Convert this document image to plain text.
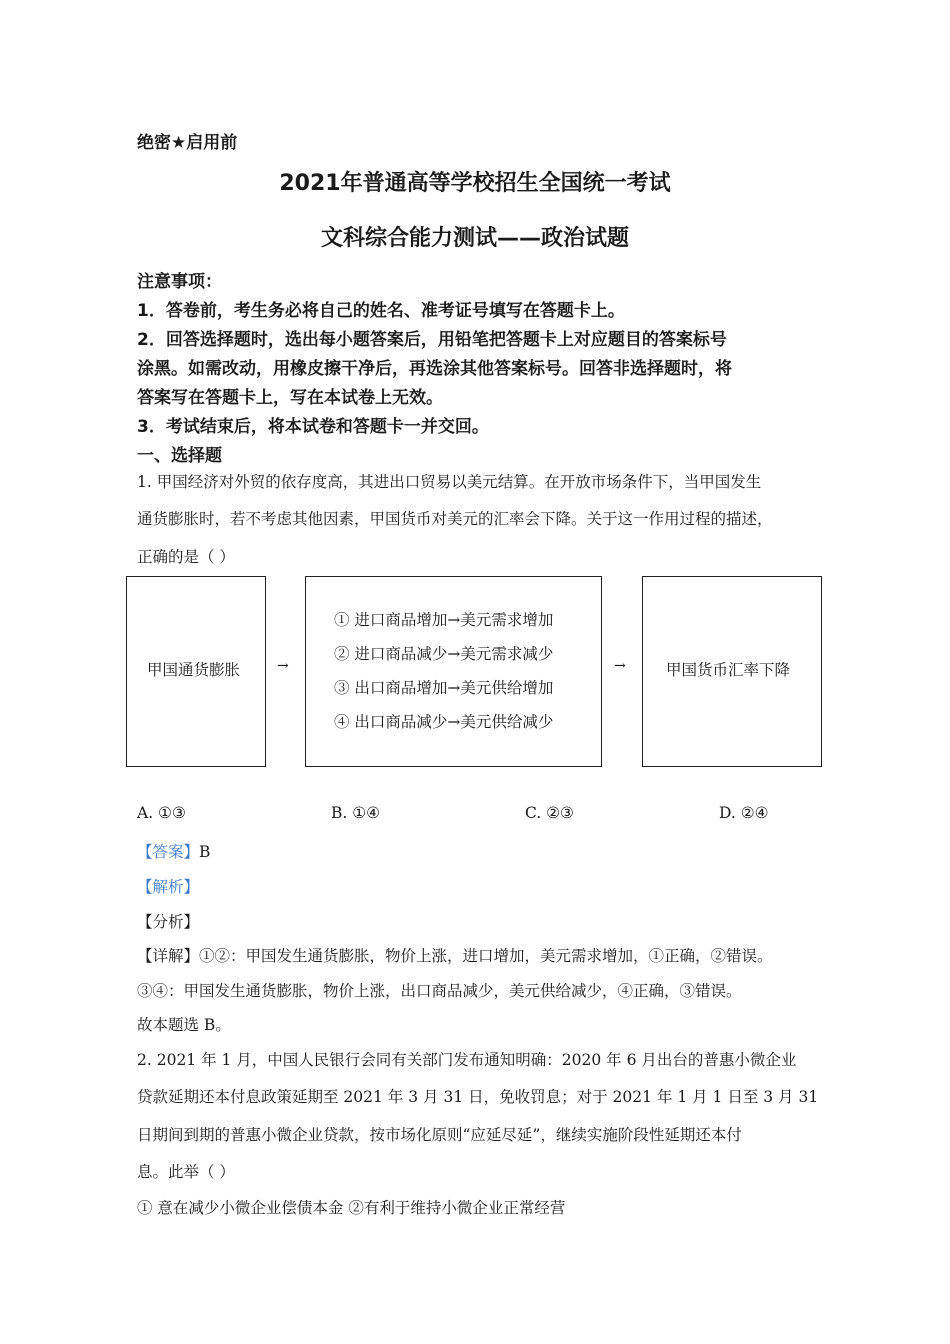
绝密★启用前
2021年普通高等学校招生全国统一考试
文科综合能力测试——政治试题
注意事项：
1．答卷前，考生务必将自己的姓名、准考证号填写在答题卡上。
2．回答选择题时，选出每小题答案后，用铅笔把答题卡上对应题目的答案标号
涂黑。如需改动，用橡皮擦干净后，再选涂其他答案标号。回答非选择题时，将
答案写在答题卡上，写在本试卷上无效。
3．考试结束后，将本试卷和答题卡一并交回。
一、选择题
1. 甲国经济对外贸的依存度高，其进出口贸易以美元结算。在开放市场条件下，当甲国发生
通货膨胀时，若不考虑其他因素，甲国货币对美元的汇率会下降。关于这一作用过程的描述，
正确的是（ ）
甲国通货膨胀	→
① 进口商品增加→美元需求增加
② 进口商品减少→美元需求减少
③ 出口商品增加→美元供给增加
④ 出口商品减少→美元供给减少
→	甲国货币汇率下降
A. ①③	B. ①④	C. ②③	D. ②④
【答案】B
【解析】
【分析】
【详解】①②：甲国发生通货膨胀，物价上涨，进口增加，美元需求增加，①正确，②错误。
③④：甲国发生通货膨胀，物价上涨，出口商品减少，美元供给减少，④正确，③错误。
故本题选 B。
2. 2021 年 1 月，中国人民银行会同有关部门发布通知明确：2020 年 6 月出台的普惠小微企业
贷款延期还本付息政策延期至 2021 年 3 月 31 日，免收罚息；对于 2021 年 1 月 1 日至 3 月 31
日期间到期的普惠小微企业贷款，按市场化原则“应延尽延”，继续实施阶段性延期还本付
息。此举（ ）
① 意在减少小微企业偿债本金 ②有利于维持小微企业正常经营
